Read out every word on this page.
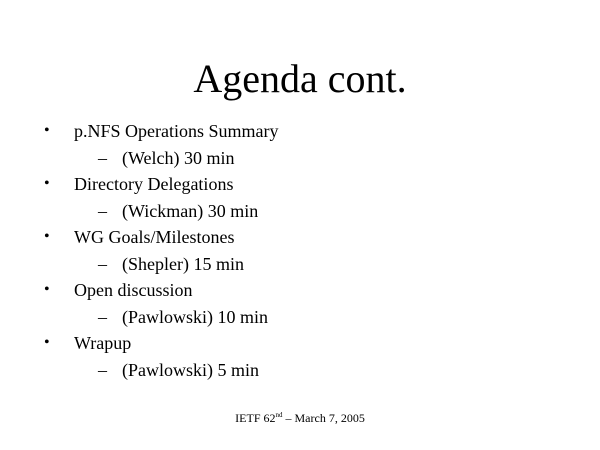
Agenda cont.
•	p.NFS Operations Summary
– (Welch) 30 min
•	Directory Delegations
– (Wickman) 30 min
•	WG Goals/Milestones
– (Shepler) 15 min
•	Open discussion
– (Pawlowski) 10 min
•	Wrapup
– (Pawlowski) 5 min
IETF 62nd – March 7, 2005
